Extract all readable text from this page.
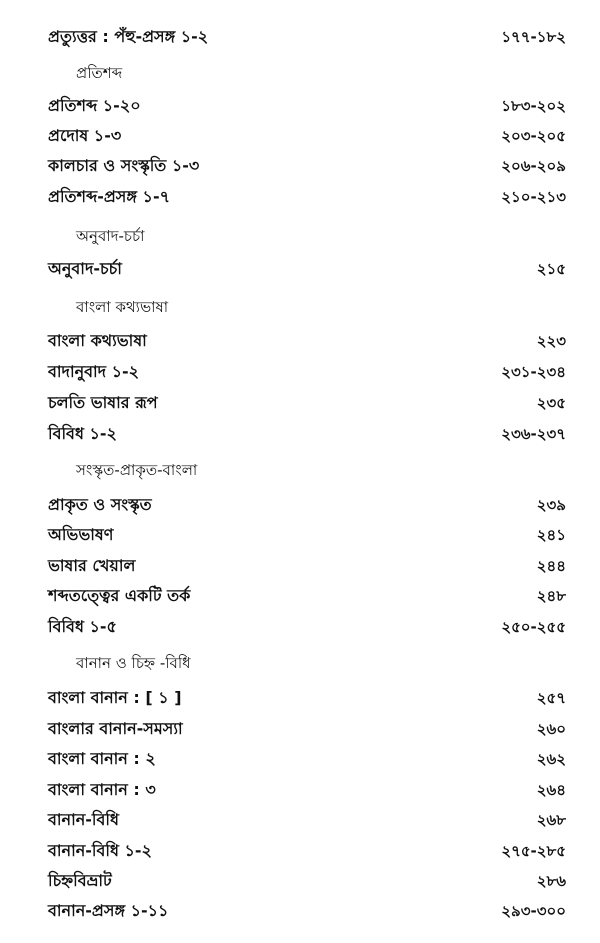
প্রত্যুত্তর : পঁহু-প্রসঙ্গ ১-২	১৭৭-১৮২
প্রতিশব্দ
প্রতিশব্দ ১-২০	১৮৩-২০২
প্রদোষ ১-৩	২০৩-২০৫
কালচার ও সংস্কৃতি ১-৩	২০৬-২০৯
প্রতিশব্দ-প্রসঙ্গ ১-৭	২১০-২১৩
অনুবাদ-চর্চা
অনুবাদ-চর্চা	২১৫
বাংলা কথ্যভাষা
বাংলা কথ্যভাষা	২২৩
বাদানুবাদ ১-২	২৩১-২৩৪
চলতি ভাষার রূপ	২৩৫
বিবিধ ১-২	২৩৬-২৩৭
সংস্কৃত-প্রাকৃত-বাংলা
প্রাকৃত ও সংস্কৃত	২৩৯
অভিভাষণ	২৪১
ভাষার খেয়াল	২৪৪
শব্দতত্ত্বের একটি তর্ক	২৪৮
বিবিধ ১-৫	২৫০-২৫৫
বানান ও চিহ্ন -বিধি
বাংলা বানান : [ ১ ]	২৫৭
বাংলার বানান-সমস্যা	২৬০
বাংলা বানান : ২	২৬২
বাংলা বানান : ৩	২৬৪
বানান-বিধি	২৬৮
বানান-বিধি ১-২	২৭৫-২৮৫
চিহ্নবিভ্রাট	২৮৬
বানান-প্রসঙ্গ ১-১১	২৯৩-৩০০
